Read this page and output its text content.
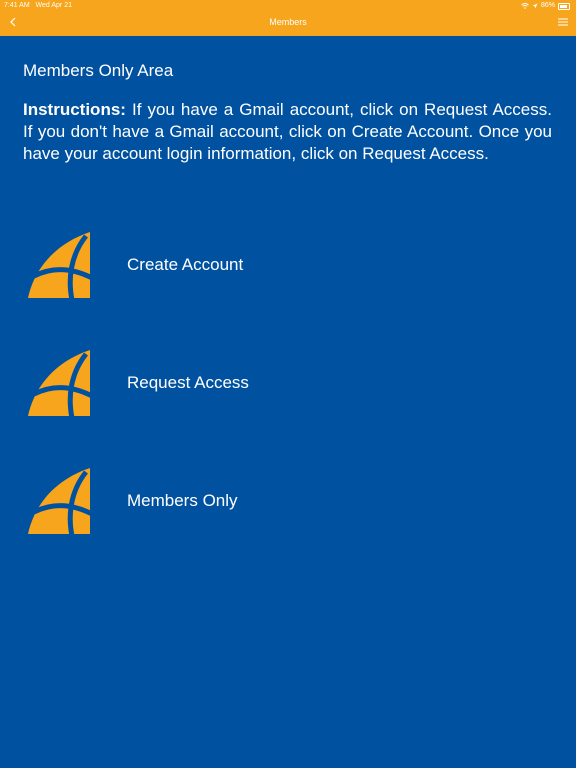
7:41 AM Wed Apr 21	86%
Members
Members Only Area
Instructions: If you have a Gmail account, click on Request Access. If you don't have a Gmail account, click on Create Account. Once you have your account login information, click on Request Access.
Create Account
Request Access
Members Only
